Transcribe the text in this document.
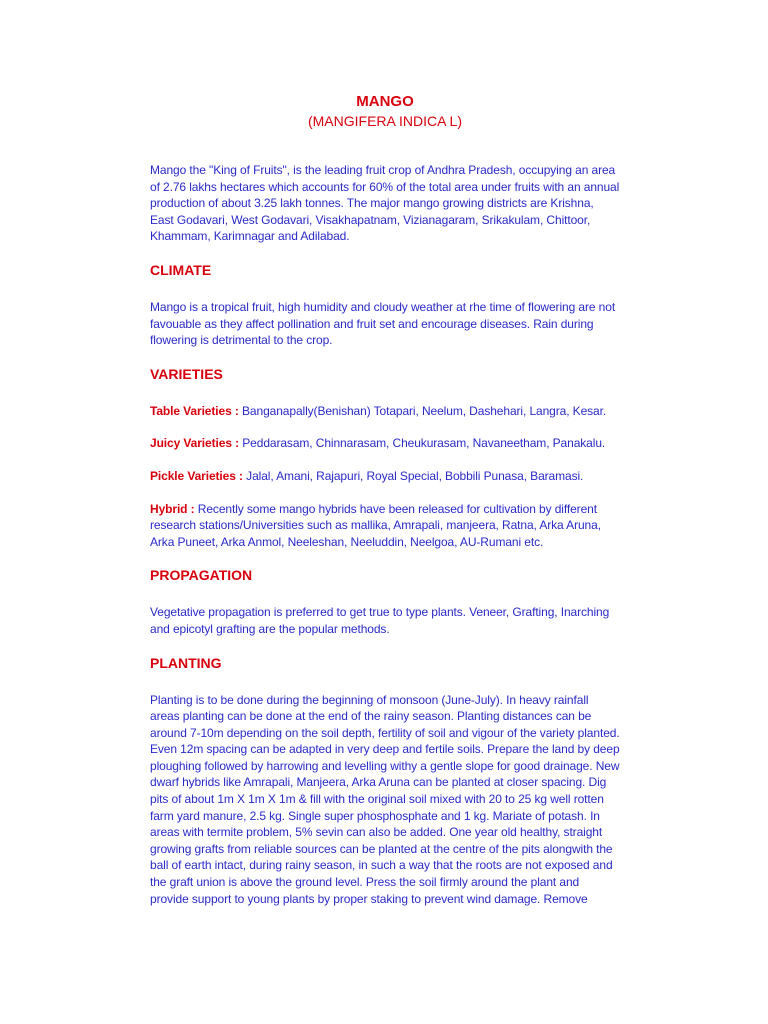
MANGO
(MANGIFERA INDICA L)

Mango the "King of Fruits", is the leading fruit crop of Andhra Pradesh, occupying an area of 2.76 lakhs hectares which accounts for 60% of the total area under fruits with an annual production of about 3.25 lakh tonnes. The major mango growing districts are Krishna, East Godavari, West Godavari, Visakhapatnam, Vizianagaram, Srikakulam, Chittoor, Khammam, Karimnagar and Adilabad.

CLIMATE

Mango is a tropical fruit, high humidity and cloudy weather at rhe time of flowering are not favouable as they affect pollination and fruit set and encourage diseases. Rain during flowering is detrimental to the crop.

VARIETIES

Table Varieties : Banganapally(Benishan) Totapari, Neelum, Dashehari, Langra, Kesar.

Juicy Varieties : Peddarasam, Chinnarasam, Cheukurasam, Navaneetham, Panakalu.

Pickle Varieties : Jalal, Amani, Rajapuri, Royal Special, Bobbili Punasa, Baramasi.

Hybrid : Recently some mango hybrids have been released for cultivation by different research stations/Universities such as mallika, Amrapali, manjeera, Ratna, Arka Aruna, Arka Puneet, Arka Anmol, Neeleshan, Neeluddin, Neelgoa, AU-Rumani etc.

PROPAGATION

Vegetative propagation is preferred to get true to type plants. Veneer, Grafting, Inarching and epicotyl grafting are the popular methods.

PLANTING

Planting is to be done during the beginning of monsoon (June-July). In heavy rainfall areas planting can be done at the end of the rainy season. Planting distances can be around 7-10m depending on the soil depth, fertility of soil and vigour of the variety planted. Even 12m spacing can be adapted in very deep and fertile soils. Prepare the land by deep ploughing followed by harrowing and levelling withy a gentle slope for good drainage. New dwarf hybrids like Amrapali, Manjeera, Arka Aruna can be planted at closer spacing. Dig pits of about 1m X 1m X 1m & fill with the original soil mixed with 20 to 25 kg well rotten farm yard manure, 2.5 kg. Single super phosphosphate and 1 kg. Mariate of potash. In areas with termite problem, 5% sevin can also be added. One year old healthy, straight growing grafts from reliable sources can be planted at the centre of the pits alongwith the ball of earth intact, during rainy season, in such a way that the roots are not exposed and the graft union is above the ground level. Press the soil firmly around the plant and provide support to young plants by proper staking to prevent wind damage. Remove
